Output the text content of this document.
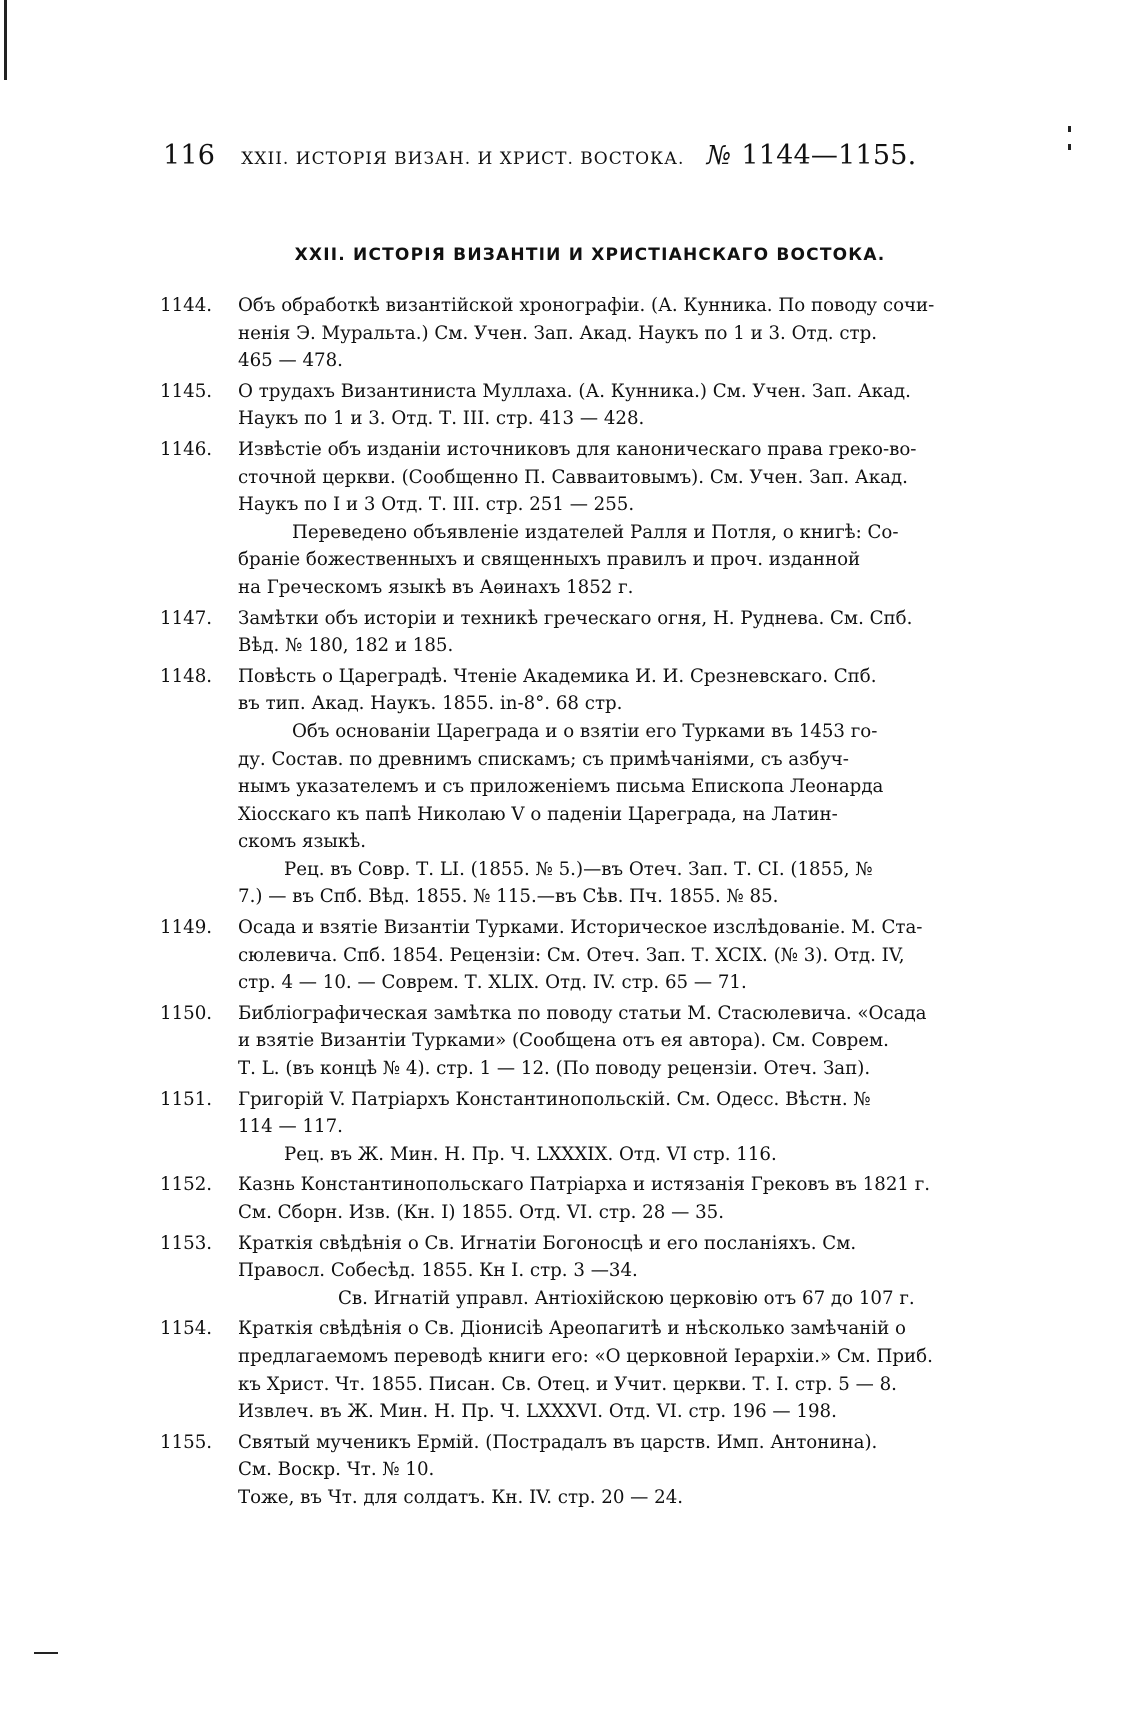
116 XXII. ИСТОРІЯ ВИЗАН. И ХРИСТ. ВОСТОКА. № 1144—1155.
XXII. ИСТОРІЯ ВИЗАНТІИ И ХРИСТІАНСКАГО ВОСТОКА.
1144. Объ обработкѣ византійской хронографіи. (А. Кунника. По поводу сочи-
ненія Э. Муральта.) См. Учен. Зап. Акад. Наукъ по 1 и 3. Отд. стр.
465 — 478.
1145. О трудахъ Византиниста Муллаха. (А. Кунника.) См. Учен. Зап. Акад.
Наукъ по 1 и 3. Отд. Т. III. стр. 413 — 428.
1146. Извѣстіе объ изданіи источниковъ для каноническаго права греко-во-
сточной церкви. (Сообщенно П. Савваитовымъ). См. Учен. Зап. Акад.
Наукъ по I и 3 Отд. Т. III. стр. 251 — 255.
Переведено объявленіе издателей Ралля и Потля, о книгѣ: Со-
браніе божественныхъ и священныхъ правилъ и проч. изданной
на Греческомъ языкѣ въ Аѳинахъ 1852 г.
1147. Замѣтки объ исторіи и техникѣ греческаго огня, Н. Руднева. См. Спб.
Вѣд. № 180, 182 и 185.
1148. Повѣсть о Цареградѣ. Чтеніе Академика И. И. Срезневскаго. Спб.
въ тип. Акад. Наукъ. 1855. in-8°. 68 стр.
Объ основаніи Цареграда и о взятіи его Турками въ 1453 го-
ду. Состав. по древнимъ спискамъ; съ примѣчаніями, съ азбуч-
нымъ указателемъ и съ приложеніемъ письма Епископа Леонарда
Хіосскаго къ папѣ Николаю V о паденіи Цареграда, на Латин-
скомъ языкѣ.
Рец. въ Совр. Т. LI. (1855. № 5.)—въ Отеч. Зап. Т. CI. (1855, №
7.) — въ Спб. Вѣд. 1855. № 115.—въ Сѣв. Пч. 1855. № 85.
1149. Осада и взятіе Византіи Турками. Историческое изслѣдованіе. М. Ста-
сюлевича. Спб. 1854. Рецензіи: См. Отеч. Зап. Т. XCIX. (№ 3). Отд. IV,
стр. 4 — 10. — Соврем. Т. XLIX. Отд. IV. стр. 65 — 71.
1150. Библіографическая замѣтка по поводу статьи М. Стасюлевича. «Осада
и взятіе Византіи Турками» (Сообщена отъ ея автора). См. Соврем.
Т. L. (въ концѣ № 4). стр. 1 — 12. (По поводу рецензіи. Отеч. Зап).
1151. Григорій V. Патріархъ Константинопольскій. См. Одесс. Вѣстн. №
114 — 117.
Рец. въ Ж. Мин. Н. Пр. Ч. LXXXIX. Отд. VI стр. 116.
1152. Казнь Константинопольскаго Патріарха и истязанія Грековъ въ 1821 г.
См. Сборн. Изв. (Кн. I) 1855. Отд. VI. стр. 28 — 35.
1153. Краткія свѣдѣнія о Св. Игнатіи Богоносцѣ и его посланіяхъ. См.
Правосл. Собесѣд. 1855. Кн I. стр. 3 —34.
Св. Игнатій управл. Антіохійскою церковію отъ 67 до 107 г.
1154. Краткія свѣдѣнія о Св. Діонисіѣ Ареопагитѣ и нѣсколько замѣчаній о
предлагаемомъ переводѣ книги его: «О церковной Іерархіи.» См. Приб.
къ Христ. Чт. 1855. Писан. Св. Отец. и Учит. церкви. Т. I. стр. 5 — 8.
Извлеч. въ Ж. Мин. Н. Пр. Ч. LXXXVI. Отд. VI. стр. 196 — 198.
1155. Святый мученикъ Ермій. (Пострадалъ въ царств. Имп. Антонина).
См. Воскр. Чт. № 10.
Тоже, въ Чт. для солдатъ. Кн. IV. стр. 20 — 24.
